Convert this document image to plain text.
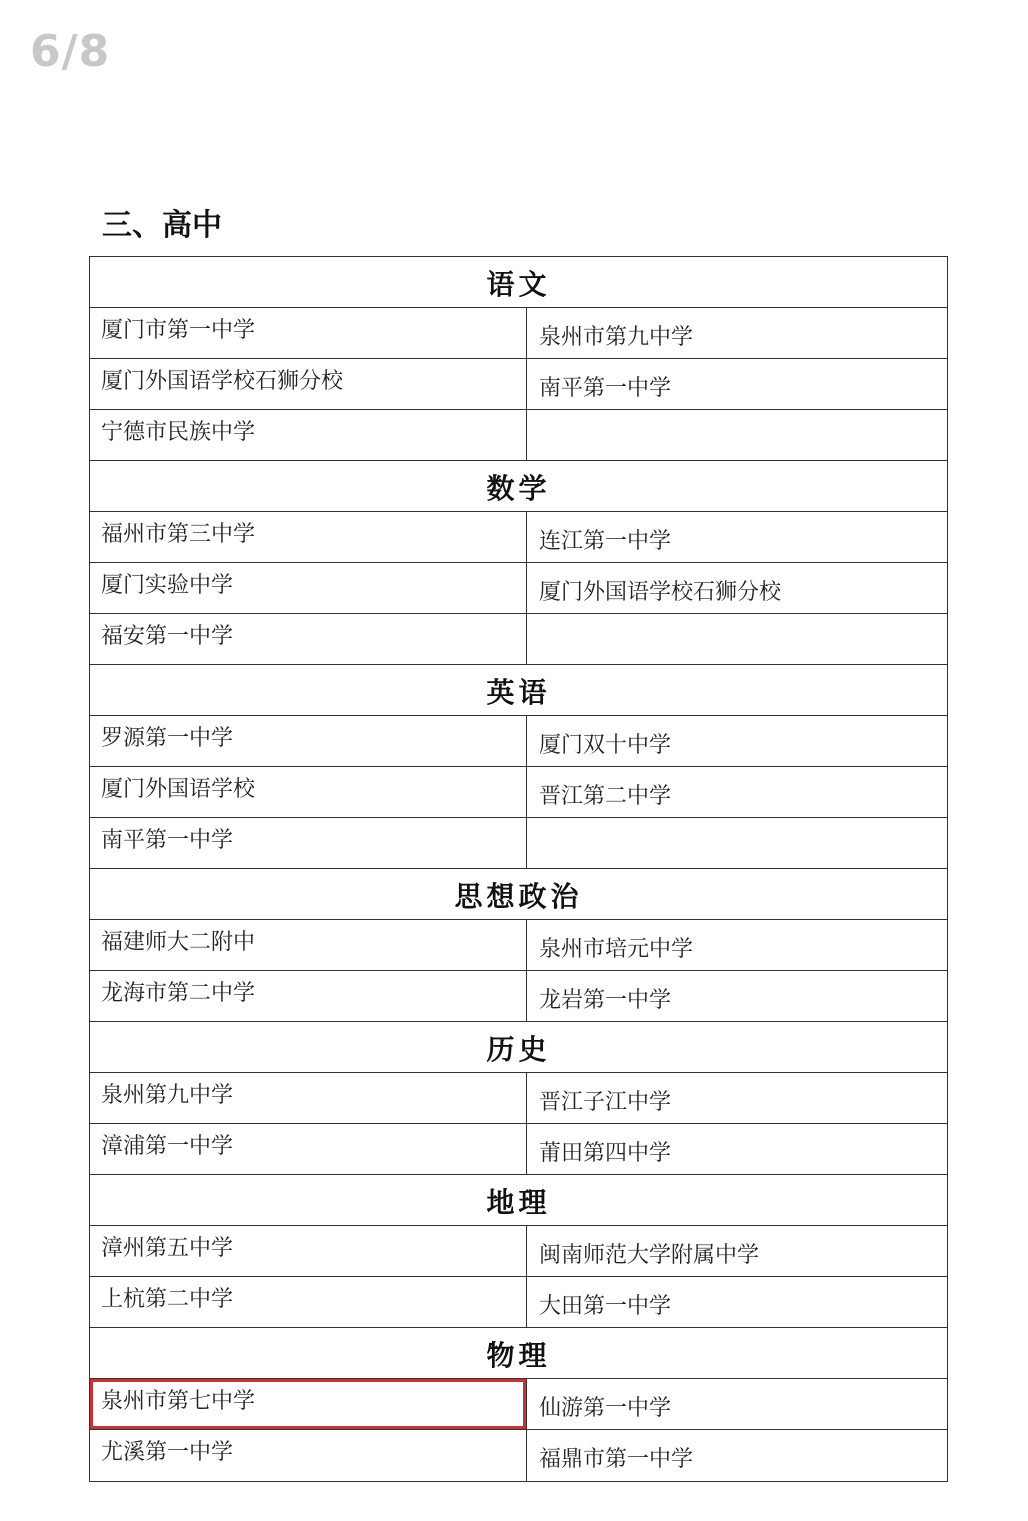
6/8
三、高中
语文
厦门市第一中学	泉州市第九中学
厦门外国语学校石狮分校	南平第一中学
宁德市民族中学
数学
福州市第三中学	连江第一中学
厦门实验中学	厦门外国语学校石狮分校
福安第一中学
英语
罗源第一中学	厦门双十中学
厦门外国语学校	晋江第二中学
南平第一中学
思想政治
福建师大二附中	泉州市培元中学
龙海市第二中学	龙岩第一中学
历史
泉州第九中学	晋江子江中学
漳浦第一中学	莆田第四中学
地理
漳州第五中学	闽南师范大学附属中学
上杭第二中学	大田第一中学
物理
泉州市第七中学	仙游第一中学
尤溪第一中学	福鼎市第一中学
